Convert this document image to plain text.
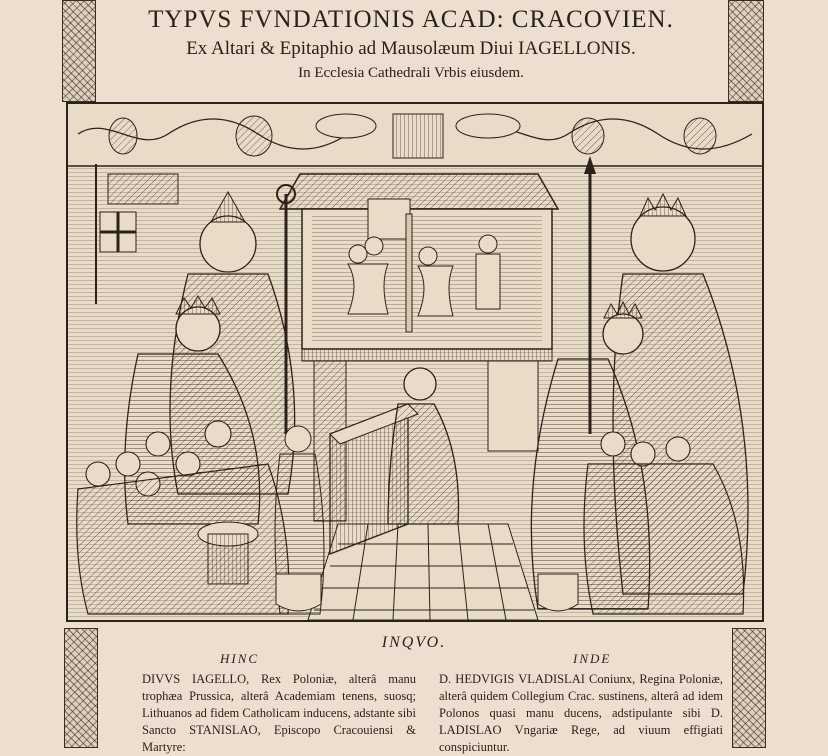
TYPVS FVNDATIONIS ACAD: CRACOVIEN.
Ex Altari & Epitaphio ad Mausolæum Diui IAGELLONIS.
In Ecclesia Cathedrali Vrbis eiusdem.
INQVO.
HINC
DIVVS IAGELLO, Rex Poloniæ, alterâ manu trophæa Prussica, alterâ Academiam tenens, suosq; Lithuanos ad fidem Catholicam inducens, adstante sibi Sancto STANISLAO, Episcopo Cracouiensi & Martyre:
INDE
D. HEDVIGIS VLADISLAI Coniunx, Regina Poloniæ, alterâ quidem Collegium Crac. sustinens, alterâ ad idem Polonos quasi manu ducens, adstipulante sibi D. LADISLAO Vngariæ Rege, ad viuum effigiati conspiciuntur.
